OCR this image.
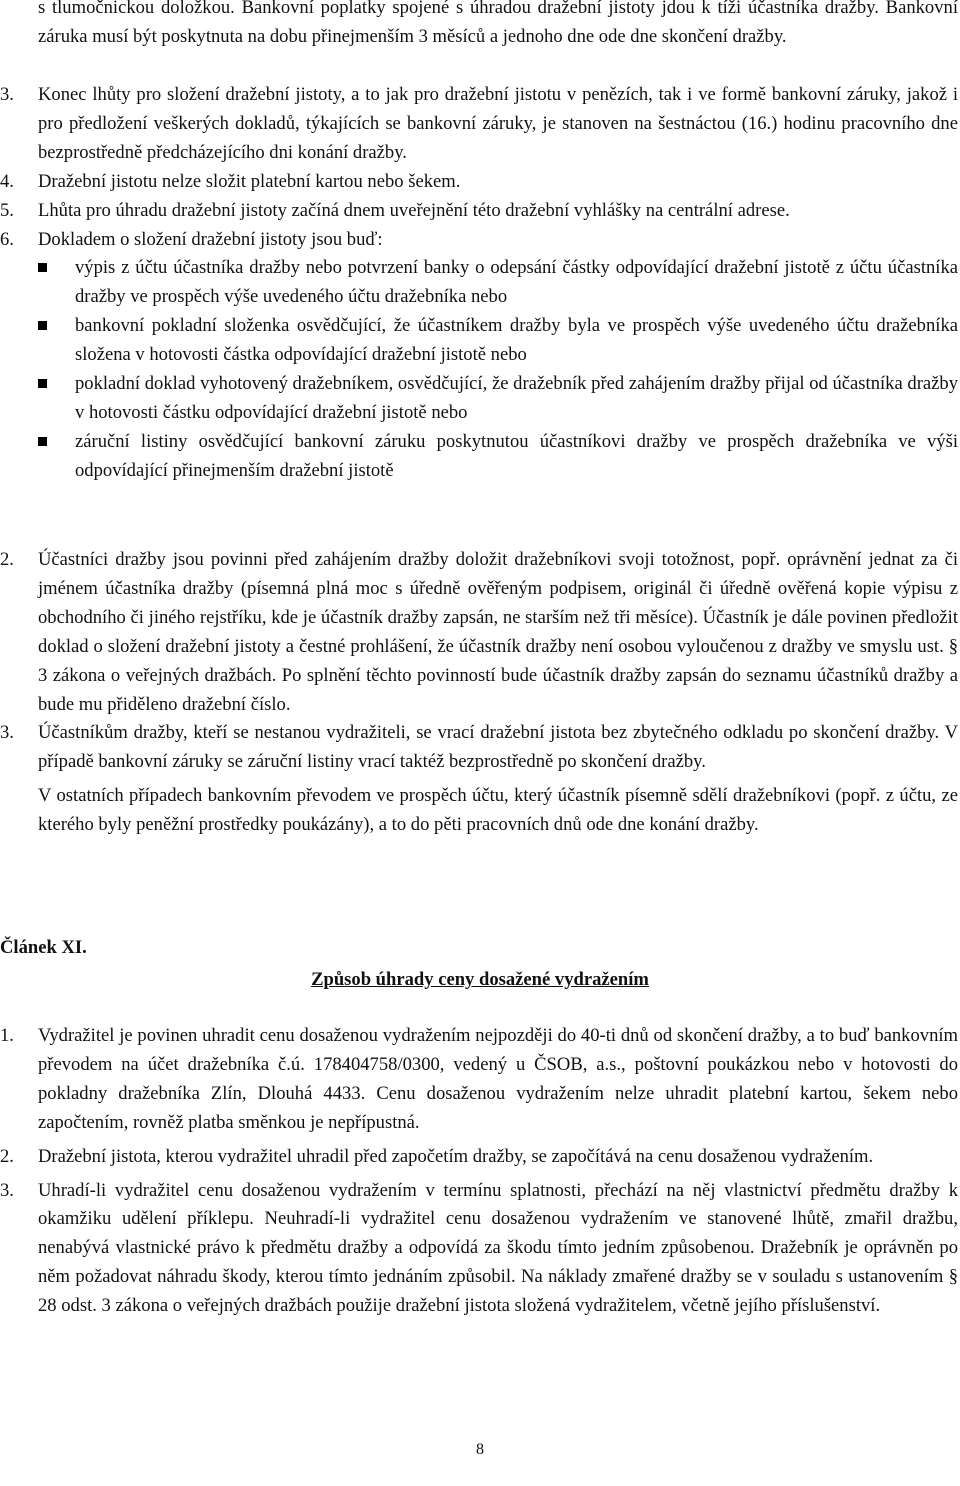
s tlumočnickou doložkou. Bankovní poplatky spojené s úhradou dražební jistoty jdou k tíži účastníka dražby. Bankovní záruka musí být poskytnuta na dobu přinejmenším 3 měsíců a jednoho dne ode dne skončení dražby.

3. Konec lhůty pro složení dražební jistoty, a to jak pro dražební jistotu v penězích, tak i ve formě bankovní záruky, jakož i pro předložení veškerých dokladů, týkajících se bankovní záruky, je stanoven na šestnáctou (16.) hodinu pracovního dne bezprostředně předcházejícího dni konání dražby.

4. Dražební jistotu nelze složit platební kartou nebo šekem.

5. Lhůta pro úhradu dražební jistoty začíná dnem uveřejnění této dražební vyhlášky na centrální adrese.

6. Dokladem o složení dražební jistoty jsou buď:

výpis z účtu účastníka dražby nebo potvrzení banky o odepsání částky odpovídající dražební jistotě z účtu účastníka dražby ve prospěch výše uvedeného účtu dražebníka nebo

bankovní pokladní složenka osvědčující, že účastníkem dražby byla ve prospěch výše uvedeného účtu dražebníka složena v hotovosti částka odpovídající dražební jistotě nebo

pokladní doklad vyhotovený dražebníkem, osvědčující, že dražebník před zahájením dražby přijal od účastníka dražby v hotovosti částku odpovídající dražební jistotě nebo

záruční listiny osvědčující bankovní záruku poskytnutou účastníkovi dražby ve prospěch dražebníka ve výši odpovídající přinejmenším dražební jistotě

2. Účastníci dražby jsou povinni před zahájením dražby doložit dražebníkovi svoji totožnost, popř. oprávnění jednat za či jménem účastníka dražby (písemná plná moc s úředně ověřeným podpisem, originál či úředně ověřená kopie výpisu z obchodního či jiného rejstříku, kde je účastník dražby zapsán, ne starším než tři měsíce). Účastník je dále povinen předložit doklad o složení dražební jistoty a čestné prohlášení, že účastník dražby není osobou vyloučenou z dražby ve smyslu ust. § 3 zákona o veřejných dražbách. Po splnění těchto povinností bude účastník dražby zapsán do seznamu účastníků dražby a bude mu přiděleno dražební číslo.

3. Účastníkům dražby, kteří se nestanou vydražiteli, se vrací dražební jistota bez zbytečného odkladu po skončení dražby. V případě bankovní záruky se záruční listiny vrací taktéž bezprostředně po skončení dražby.

V ostatních případech bankovním převodem ve prospěch účtu, který účastník písemně sdělí dražebníkovi (popř. z účtu, ze kterého byly peněžní prostředky poukázány), a to do pěti pracovních dnů ode dne konání dražby.

Článek XI.
Způsob úhrady ceny dosažené vydražením
1. Vydražitel je povinen uhradit cenu dosaženou vydražením nejpozději do 40-ti dnů od skončení dražby, a to buď bankovním převodem na účet dražebníka č.ú. 178404758/0300, vedený u ČSOB, a.s., poštovní poukázkou nebo v hotovosti do pokladny dražebníka Zlín, Dlouhá 4433. Cenu dosaženou vydražením nelze uhradit platební kartou, šekem nebo započtením, rovněž platba směnkou je nepřípustná.

2. Dražební jistota, kterou vydražitel uhradil před započetím dražby, se započítává na cenu dosaženou vydražením.

3. Uhradí-li vydražitel cenu dosaženou vydražením v termínu splatnosti, přechází na něj vlastnictví předmětu dražby k okamžiku udělení příklepu. Neuhradí-li vydražitel cenu dosaženou vydražením ve stanovené lhůtě, zmařil dražbu, nenabývá vlastnické právo k předmětu dražby a odpovídá za škodu tímto jedním způsobenou. Dražebník je oprávněn po něm požadovat náhradu škody, kterou tímto jednáním způsobil. Na náklady zmařené dražby se v souladu s ustanovením § 28 odst. 3 zákona o veřejných dražbách použije dražební jistota složená vydražitelem, včetně jejího příslušenství.

8
